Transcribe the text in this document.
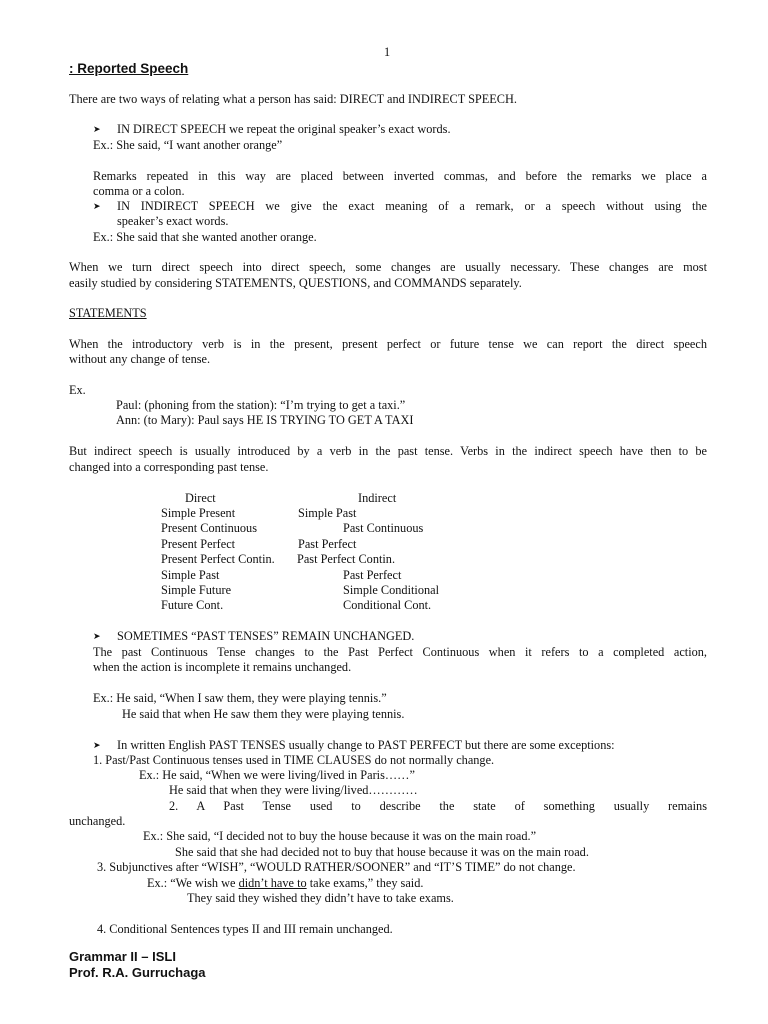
1
: Reported Speech
There are two ways of relating what a person has said: DIRECT and INDIRECT SPEECH.
➤ IN DIRECT SPEECH we repeat the original speaker’s exact words.
Ex.: She said, “I want another orange”
Remarks repeated in this way are placed between inverted commas, and before the remarks we place a
comma or a colon.
➤ IN INDIRECT SPEECH we give the exact meaning of a remark, or a speech without using the
speaker’s exact words.
Ex.: She said that she wanted another orange.
When we turn direct speech into direct speech, some changes are usually necessary. These changes are most
easily studied by considering STATEMENTS, QUESTIONS, and COMMANDS separately.
STATEMENTS
When the introductory verb is in the present, present perfect or future tense we can report the direct speech
without any change of tense.
Ex.
Paul: (phoning from the station): “I’m trying to get a taxi.”
Ann: (to Mary): Paul says HE IS TRYING TO GET A TAXI
But indirect speech is usually introduced by a verb in the past tense. Verbs in the indirect speech have then to be
changed into a corresponding past tense.
Direct	Indirect
Simple Present	Simple Past
Present Continuous	Past Continuous
Present Perfect	Past Perfect
Present Perfect Contin. Past Perfect Contin.
Simple Past	Past Perfect
Simple Future	Simple Conditional
Future Cont.	Conditional Cont.
➤ SOMETIMES “PAST TENSES” REMAIN UNCHANGED.
The past Continuous Tense changes to the Past Perfect Continuous when it refers to a completed action,
when the action is incomplete it remains unchanged.
Ex.: He said, “When I saw them, they were playing tennis.”
He said that when He saw them they were playing tennis.
➤ In written English PAST TENSES usually change to PAST PERFECT but there are some exceptions:
1. Past/Past Continuous tenses used in TIME CLAUSES do not normally change.
Ex.: He said, “When we were living/lived in Paris……”
He said that when they were living/lived…………
2. A Past Tense used to describe the state of something usually remains
unchanged.
Ex.: She said, “I decided not to buy the house because it was on the main road.”
She said that she had decided not to buy that house because it was on the main road.
3. Subjunctives after “WISH”, “WOULD RATHER/SOONER” and “IT’S TIME” do not change.
Ex.: “We wish we didn’t have to take exams,” they said.
They said they wished they didn’t have to take exams.
4. Conditional Sentences types II and III remain unchanged.
Grammar II – ISLI
Prof. R.A. Gurruchaga
